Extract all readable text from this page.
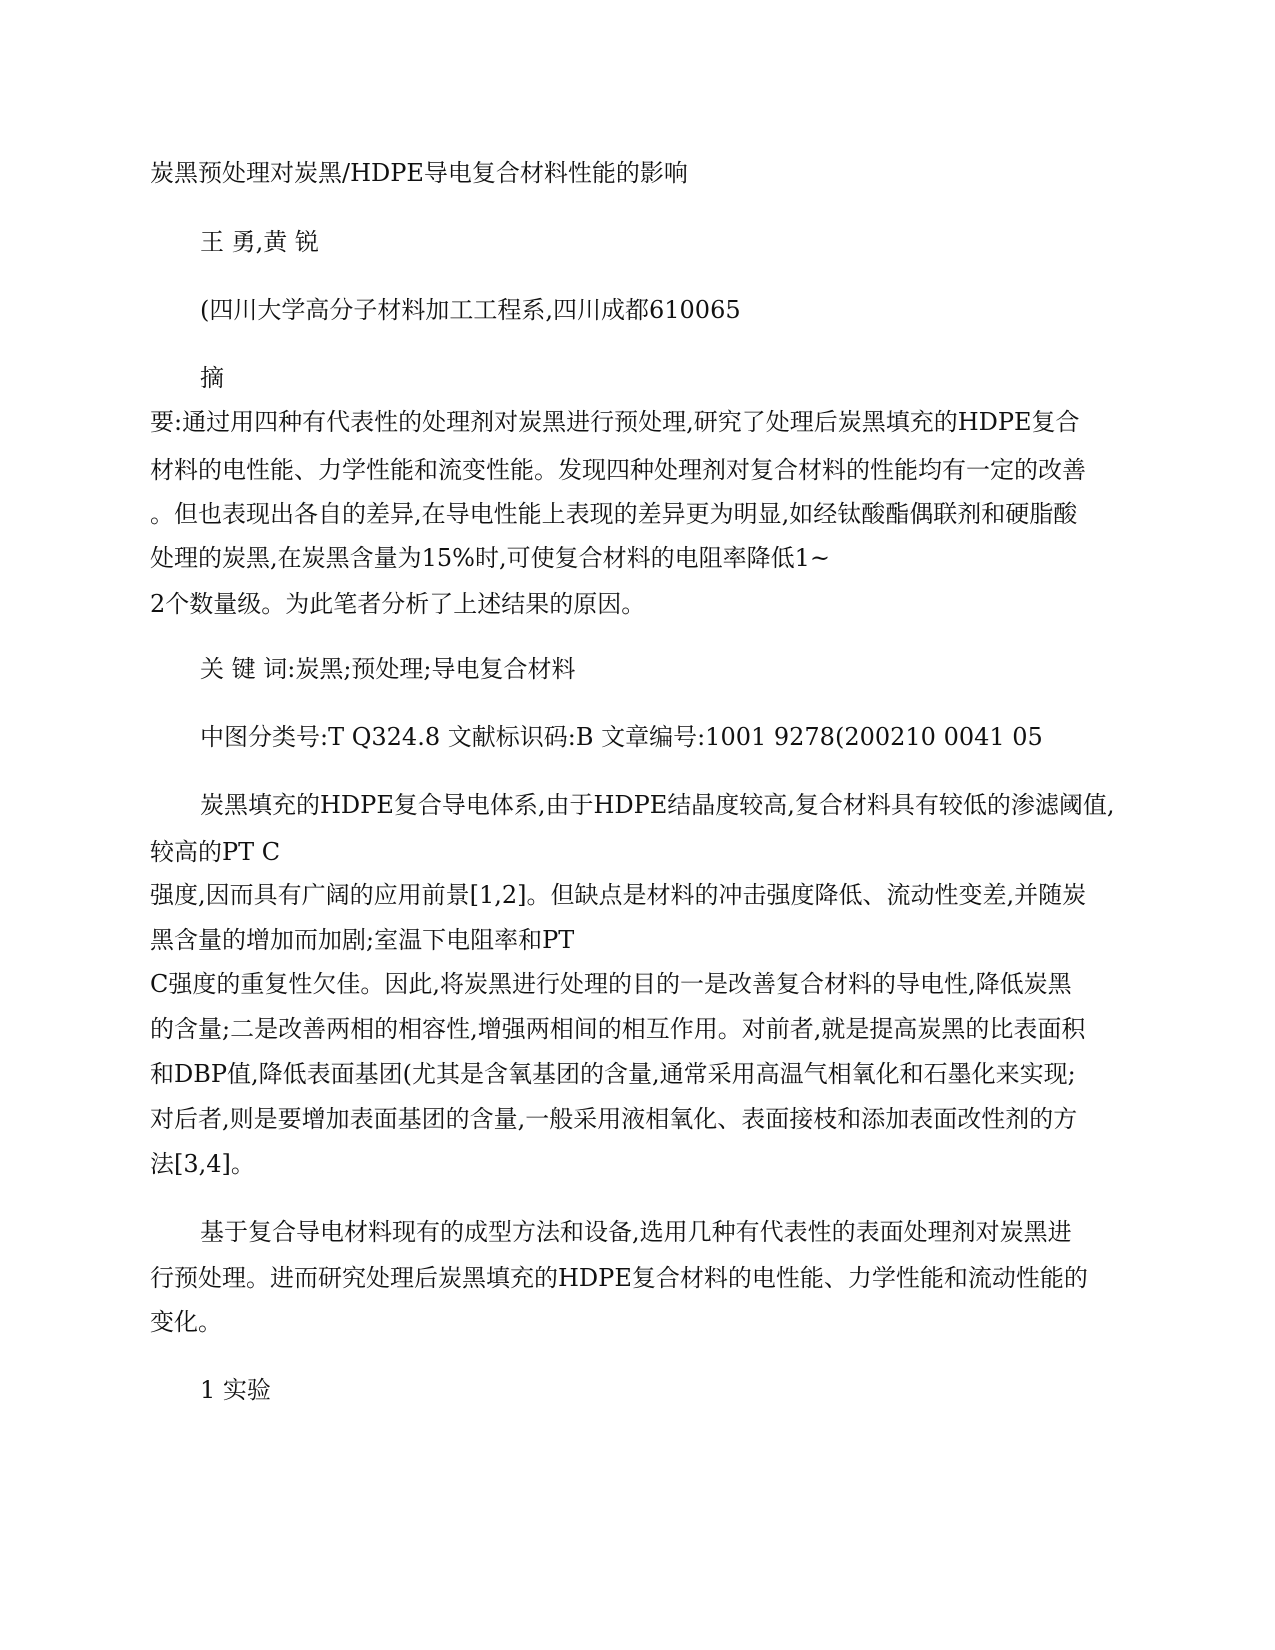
炭黑预处理对炭黑/HDPE导电复合材料性能的影响
王 勇,黄 锐
(四川大学高分子材料加工工程系,四川成都610065
摘
要:通过用四种有代表性的处理剂对炭黑进行预处理,研究了处理后炭黑填充的HDPE复合
材料的电性能、力学性能和流变性能。发现四种处理剂对复合材料的性能均有一定的改善
。但也表现出各自的差异,在导电性能上表现的差异更为明显,如经钛酸酯偶联剂和硬脂酸
处理的炭黑,在炭黑含量为15%时,可使复合材料的电阻率降低1~
2个数量级。为此笔者分析了上述结果的原因。
关 键 词:炭黑;预处理;导电复合材料
中图分类号:T Q324.8 文献标识码:B 文章编号:1001 9278(200210 0041 05
炭黑填充的HDPE复合导电体系,由于HDPE结晶度较高,复合材料具有较低的渗滤阈值,
较高的PT C
强度,因而具有广阔的应用前景[1,2]。但缺点是材料的冲击强度降低、流动性变差,并随炭
黑含量的增加而加剧;室温下电阻率和PT
C强度的重复性欠佳。因此,将炭黑进行处理的目的一是改善复合材料的导电性,降低炭黑
的含量;二是改善两相的相容性,增强两相间的相互作用。对前者,就是提高炭黑的比表面积
和DBP值,降低表面基团(尤其是含氧基团的含量,通常采用高温气相氧化和石墨化来实现;
对后者,则是要增加表面基团的含量,一般采用液相氧化、表面接枝和添加表面改性剂的方
法[3,4]。
基于复合导电材料现有的成型方法和设备,选用几种有代表性的表面处理剂对炭黑进
行预处理。进而研究处理后炭黑填充的HDPE复合材料的电性能、力学性能和流动性能的
变化。
1 实验
